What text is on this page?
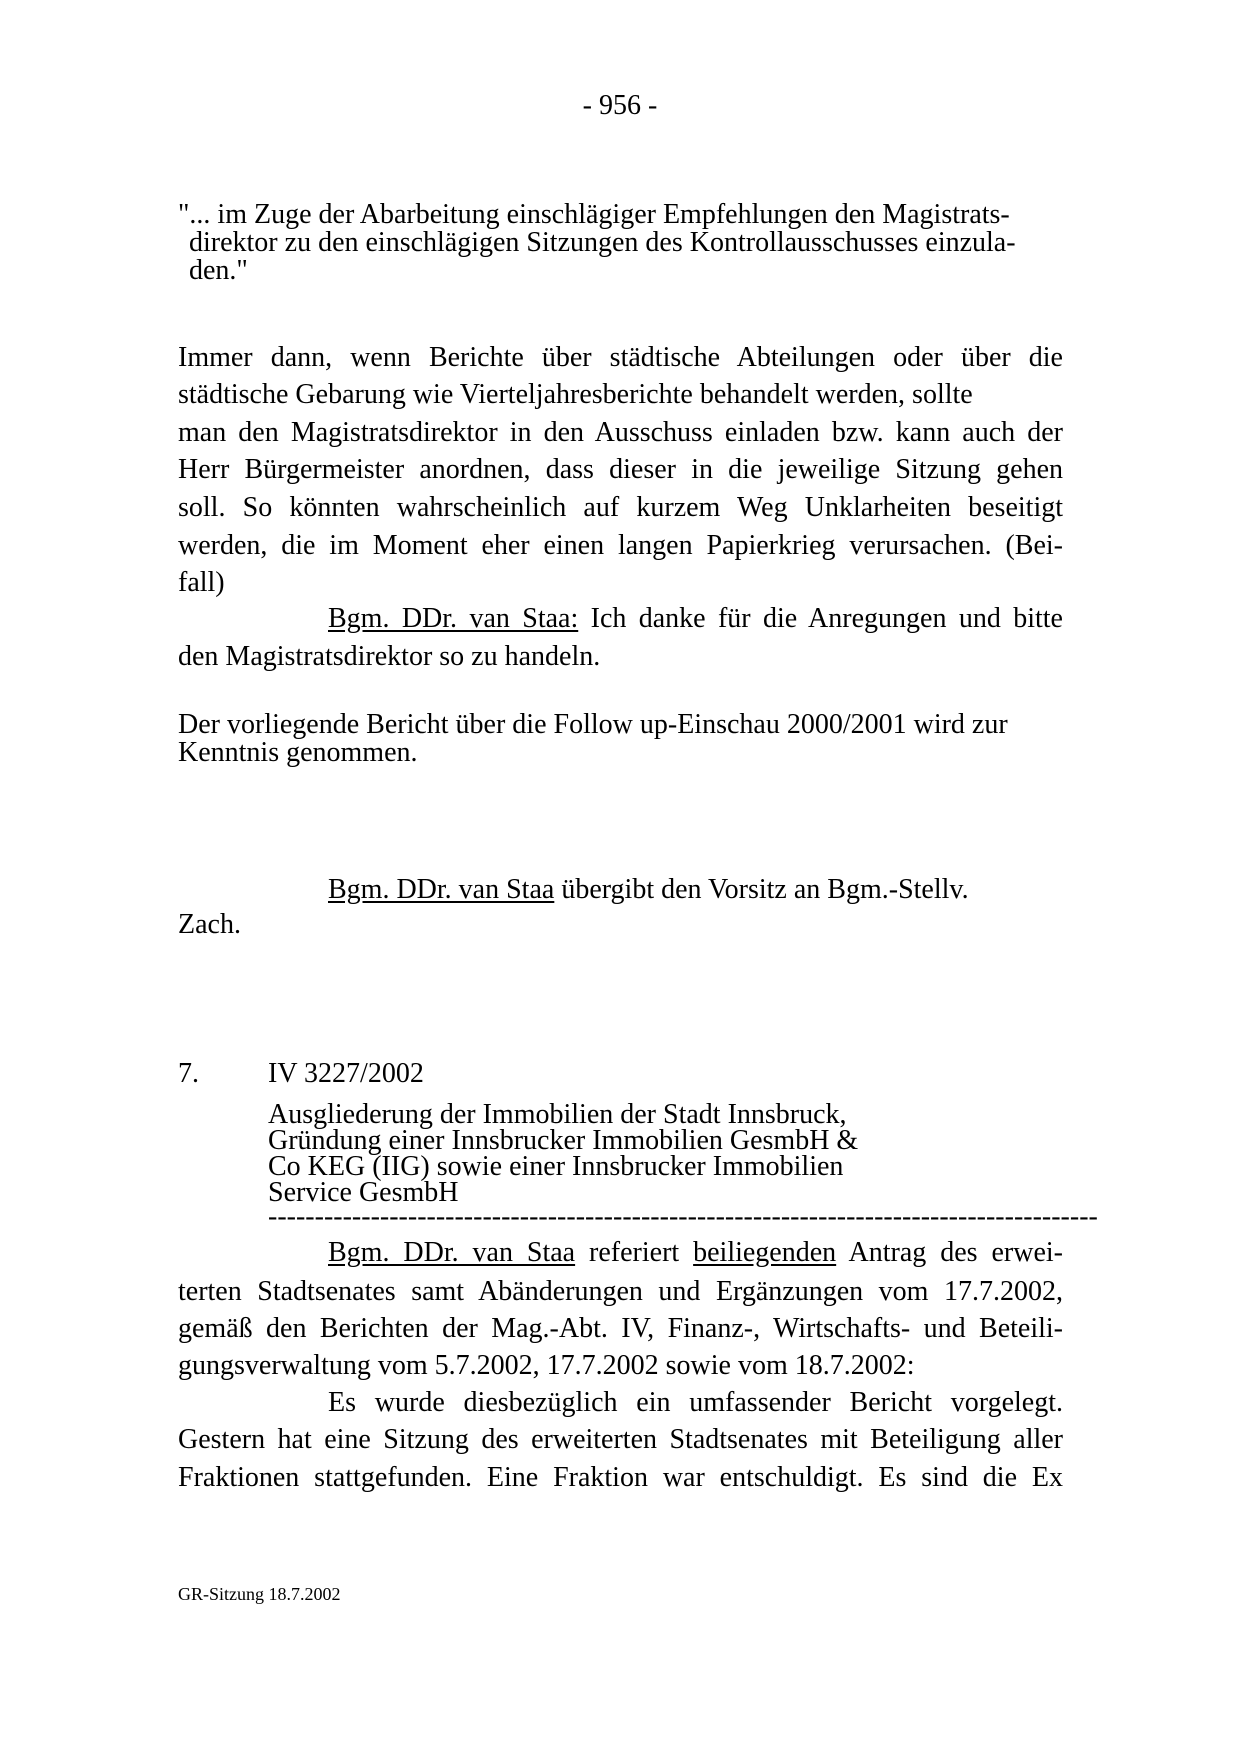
- 956 -
"... im Zuge der Abarbeitung einschlägiger Empfehlungen den Magistrats-
direktor zu den einschlägigen Sitzungen des Kontrollausschusses einzula-
den."
Immer dann, wenn Berichte über städtische Abteilungen oder über die
städtische Gebarung wie Vierteljahresberichte behandelt werden, sollte
man den Magistratsdirektor in den Ausschuss einladen bzw. kann auch der
Herr Bürgermeister anordnen, dass dieser in die jeweilige Sitzung gehen
soll. So könnten wahrscheinlich auf kurzem Weg Unklarheiten beseitigt
werden, die im Moment eher einen langen Papierkrieg verursachen. (Bei-
fall)
Bgm. DDr. van Staa: Ich danke für die Anregungen und bitte
den Magistratsdirektor so zu handeln.
Der vorliegende Bericht über die Follow up-Einschau 2000/2001 wird zur
Kenntnis genommen.
Bgm. DDr. van Staa übergibt den Vorsitz an Bgm.-Stellv.
Zach.
7. IV 3227/2002
Ausgliederung der Immobilien der Stadt Innsbruck,
Gründung einer Innsbrucker Immobilien GesmbH &
Co KEG (IIG) sowie einer Innsbrucker Immobilien
Service GesmbH
-----------------------------------------------------------------------------------------
Bgm. DDr. van Staa referiert beiliegenden Antrag des erwei-
terten Stadtsenates samt Abänderungen und Ergänzungen vom 17.7.2002,
gemäß den Berichten der Mag.-Abt. IV, Finanz-, Wirtschafts- und Beteili-
gungsverwaltung vom 5.7.2002, 17.7.2002 sowie vom 18.7.2002:
Es wurde diesbezüglich ein umfassender Bericht vorgelegt.
Gestern hat eine Sitzung des erweiterten Stadtsenates mit Beteiligung aller
Fraktionen stattgefunden. Eine Fraktion war entschuldigt. Es sind die Ex
GR-Sitzung 18.7.2002
